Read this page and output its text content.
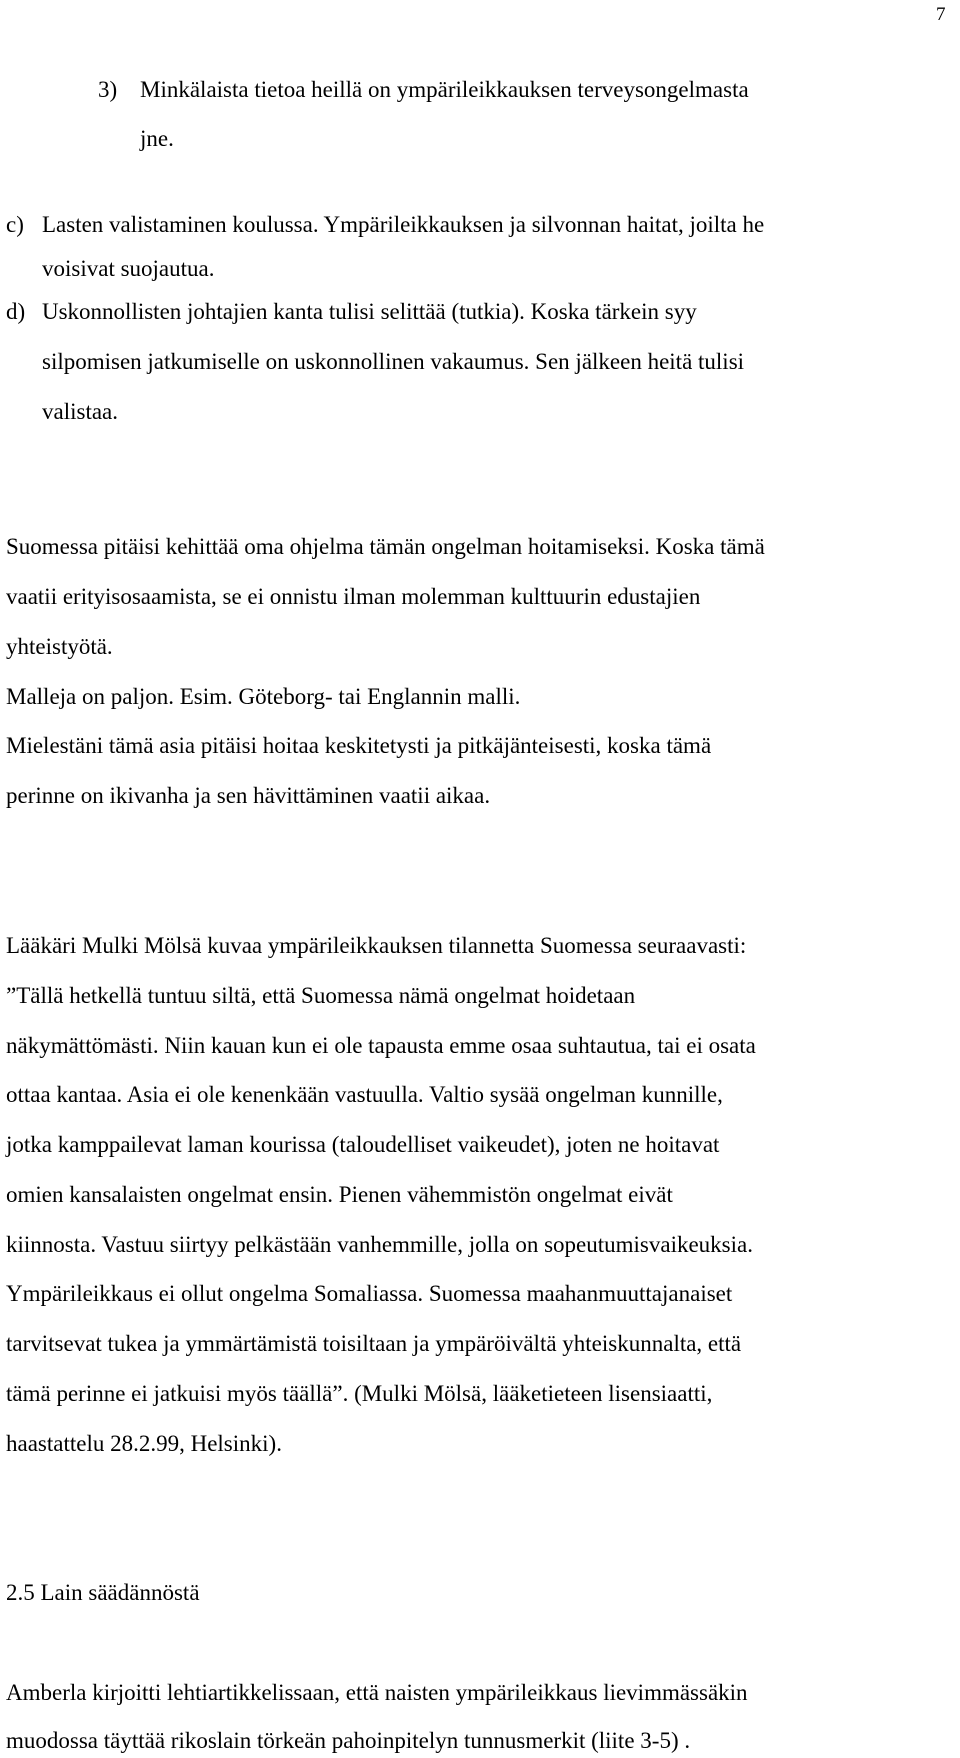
7
3) Minkälaista tietoa heillä on ympärileikkauksen terveysongelmasta
jne.
c) Lasten valistaminen koulussa. Ympärileikkauksen ja silvonnan haitat, joilta he
voisivat suojautua.
d) Uskonnollisten johtajien kanta tulisi selittää (tutkia). Koska tärkein syy
silpomisen jatkumiselle on uskonnollinen vakaumus. Sen jälkeen heitä tulisi
valistaa.
Suomessa pitäisi kehittää oma ohjelma tämän ongelman hoitamiseksi. Koska tämä
vaatii erityisosaamista, se ei onnistu ilman molemman kulttuurin edustajien
yhteistyötä.
Malleja on paljon. Esim. Göteborg- tai Englannin malli.
Mielestäni tämä asia pitäisi hoitaa keskitetysti ja pitkäjänteisesti, koska tämä
perinne on ikivanha ja sen hävittäminen vaatii aikaa.
Lääkäri Mulki Mölsä kuvaa ympärileikkauksen tilannetta Suomessa seuraavasti:
”Tällä hetkellä tuntuu siltä, että Suomessa nämä ongelmat hoidetaan
näkymättömästi. Niin kauan kun ei ole tapausta emme osaa suhtautua, tai ei osata
ottaa kantaa. Asia ei ole kenenkään vastuulla. Valtio sysää ongelman kunnille,
jotka kamppailevat laman kourissa (taloudelliset vaikeudet), joten ne hoitavat
omien kansalaisten ongelmat ensin. Pienen vähemmistön ongelmat eivät
kiinnosta. Vastuu siirtyy pelkästään vanhemmille, jolla on sopeutumisvaikeuksia.
Ympärileikkaus ei ollut ongelma Somaliassa. Suomessa maahanmuuttajanaiset
tarvitsevat tukea ja ymmärtämistä toisiltaan ja ympäröivältä yhteiskunnalta, että
tämä perinne ei jatkuisi myös täällä”. (Mulki Mölsä, lääketieteen lisensiaatti,
haastattelu 28.2.99, Helsinki).
2.5 Lain säädännöstä
Amberla kirjoitti lehtiartikkelissaan, että naisten ympärileikkaus lievimmässäkin
muodossa täyttää rikoslain törkeän pahoinpitelyn tunnusmerkit (liite 3-5) .
